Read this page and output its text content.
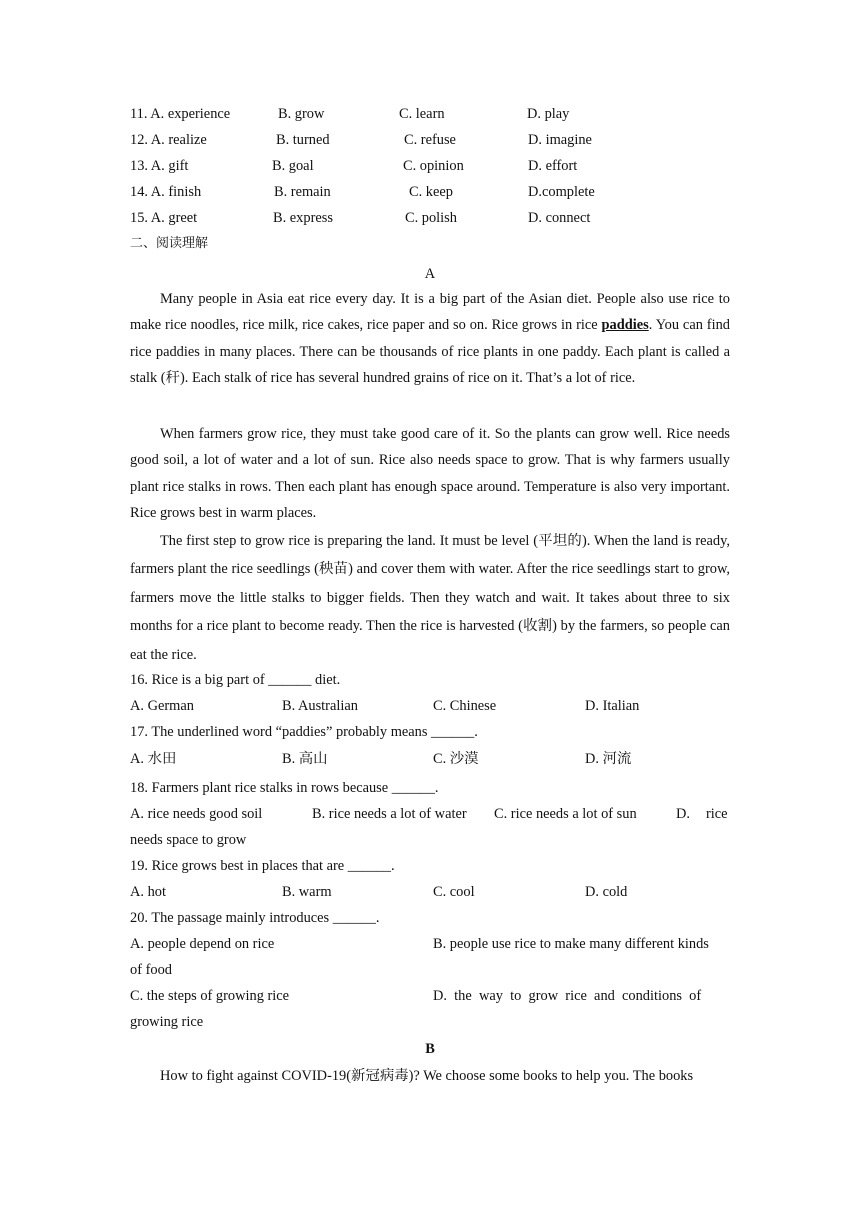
11. A. experience	B. grow	C. learn	D. play
12. A. realize	B. turned	C. refuse	D. imagine
13. A. gift	B. goal	C. opinion	D. effort
14. A. finish	B. remain	C. keep	D.complete
15. A. greet	B. express	C. polish	D. connect
二、阅读理解
A
Many people in Asia eat rice every day. It is a big part of the Asian diet. People also use rice to make rice noodles, rice milk, rice cakes, rice paper and so on. Rice grows in rice paddies. You can find rice paddies in many places. There can be thousands of rice plants in one paddy. Each plant is called a stalk (秆). Each stalk of rice has several hundred grains of rice on it. That’s a lot of rice.
When farmers grow rice, they must take good care of it. So the plants can grow well. Rice needs good soil, a lot of water and a lot of sun. Rice also needs space to grow. That is why farmers usually plant rice stalks in rows. Then each plant has enough space around. Temperature is also very important. Rice grows best in warm places.
The first step to grow rice is preparing the land. It must be level (平坦的). When the land is ready, farmers plant the rice seedlings (秧苗) and cover them with water. After the rice seedlings start to grow, farmers move the little stalks to bigger fields. Then they watch and wait. It takes about three to six months for a rice plant to become ready. Then the rice is harvested (收割) by the farmers, so people can eat the rice.
16. Rice is a big part of ______ diet.
A. German	B. Australian	C. Chinese	D. Italian
17. The underlined word “paddies” probably means ______.
A. 水田	B. 高山	C. 沙漠	D. 河流
18. Farmers plant rice stalks in rows because ______.
A. rice needs good soil	B. rice needs a lot of water C. rice needs a lot of sun	D. rice
needs space to grow
19. Rice grows best in places that are ______.
A. hot	B. warm	C. cool	D. cold
20. The passage mainly introduces ______.
A. people depend on rice	B. people use rice to make many different kinds
of food
C. the steps of growing rice	D.  the  way  to  grow  rice  and  conditions  of
growing rice
B
How to fight against COVID-19(新冠病毒)? We choose some books to help you. The books
